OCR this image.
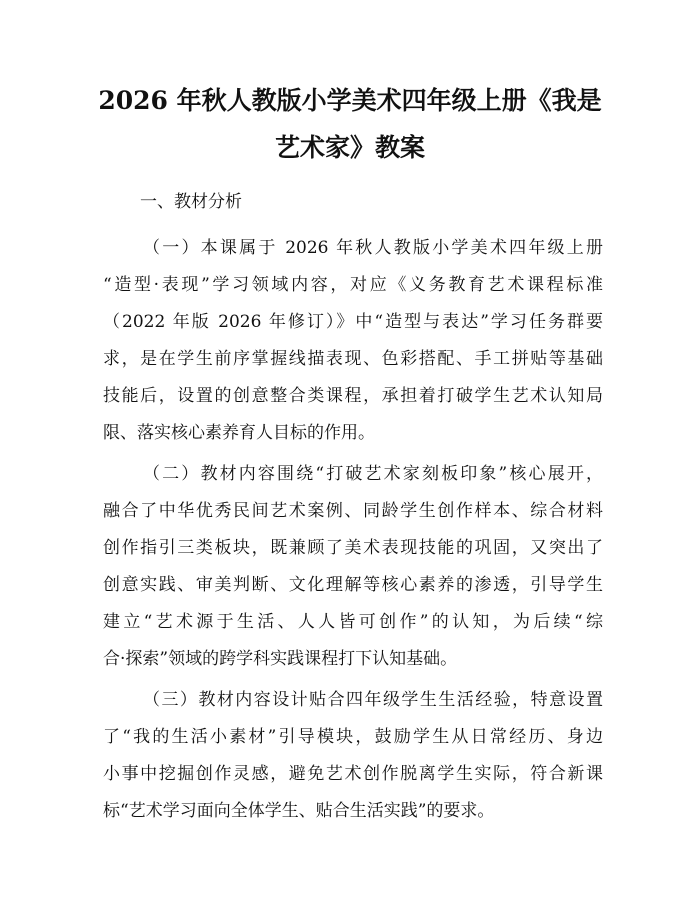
2026 年秋人教版小学美术四年级上册《我是
艺术家》教案

一、教材分析

（一）本课属于 2026 年秋人教版小学美术四年级上册
“造型·表现”学习领域内容，对应《义务教育艺术课程标准
（2022 年版 2026 年修订）》中“造型与表达”学习任务群要
求，是在学生前序掌握线描表现、色彩搭配、手工拼贴等基础
技能后，设置的创意整合类课程，承担着打破学生艺术认知局
限、落实核心素养育人目标的作用。
（二）教材内容围绕“打破艺术家刻板印象”核心展开，
融合了中华优秀民间艺术案例、同龄学生创作样本、综合材料
创作指引三类板块，既兼顾了美术表现技能的巩固，又突出了
创意实践、审美判断、文化理解等核心素养的渗透，引导学生
建立“艺术源于生活、人人皆可创作”的认知，为后续“综
合·探索”领域的跨学科实践课程打下认知基础。
（三）教材内容设计贴合四年级学生生活经验，特意设置
了“我的生活小素材”引导模块，鼓励学生从日常经历、身边
小事中挖掘创作灵感，避免艺术创作脱离学生实际，符合新课
标“艺术学习面向全体学生、贴合生活实践”的要求。
